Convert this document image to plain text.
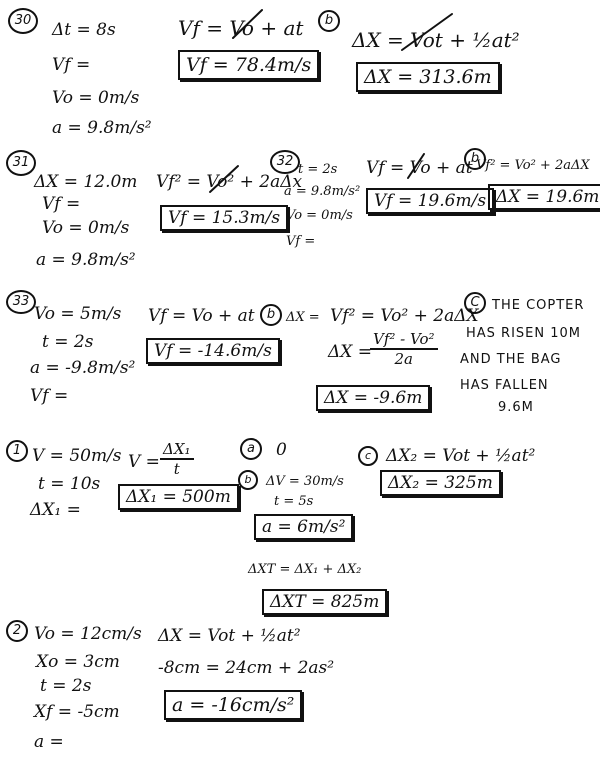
30	Δt = 8s
Vf =
Vo = 0m/s
a = 9.8m/s²
Vf = Vo + at
Vf = 78.4m/s
b
ΔX = Vot + ½at²
ΔX = 313.6m
31
ΔX = 12.0m
Vf =
Vo = 0m/s
a = 9.8m/s²
Vf² = Vo² + 2aΔx
Vf = 15.3m/s
32
t = 2s
a = 9.8m/s²
Vo = 0m/s
Vf =
Vf = Vo + at
Vf = 19.6m/s
b
Vf² = Vo² + 2aΔX
ΔX = 19.6m
33
Vo = 5m/s
t = 2s
a = -9.8m/s²
Vf =
Vf = Vo + at
Vf = -14.6m/s
b ΔX = Vf² = Vo² + 2aΔX
ΔX =
$\frac{\text{Vf² - Vo²}}{2a}$
ΔX = -9.6m
C THE COPTER
HAS RISEN 10M
AND THE BAG
HAS FALLEN
9.6M
1 V = 50m/s
t = 10s
ΔX₁ =
$V = \frac{\text{ΔX₁}}{t}$
ΔX₁ = 500m
a	0
b	ΔV = 30m/s
t = 5s
a = 6m/s²
c ΔX₂ = Vot + ½at²
ΔX₂ = 325m
ΔXT = ΔX₁ + ΔX₂
ΔXT = 825m
2 Vo = 12cm/s
Xo = 3cm
t = 2s
Xf = -5cm
a =
ΔX = Vot + ½at²
-8cm = 24cm + 2as²
a = -16cm/s²
